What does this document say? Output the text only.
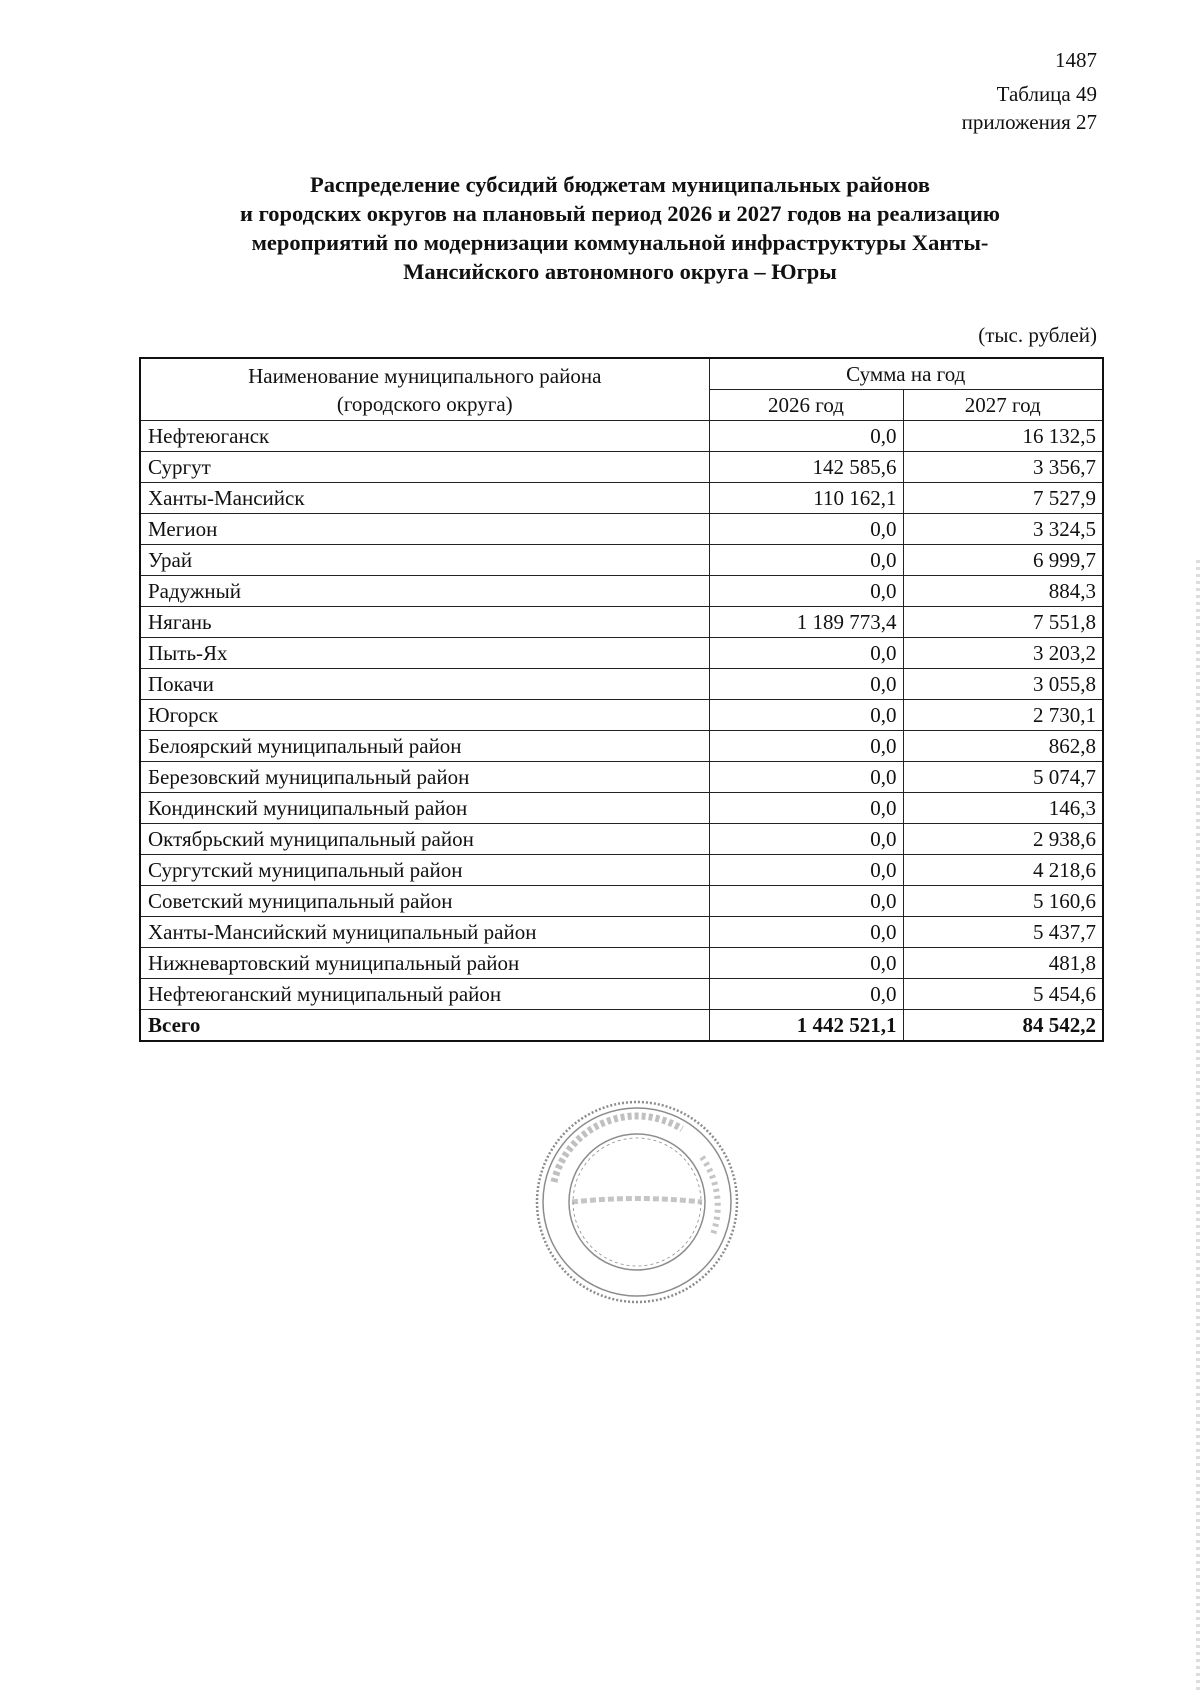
1487
Таблица 49
приложения 27
Распределение субсидий бюджетам муниципальных районов
и городских округов на плановый период 2026 и 2027 годов на реализацию
мероприятий по модернизации коммунальной инфраструктуры Ханты-
Мансийского автономного округа – Югры
(тыс. рублей)
Наименование муниципального района
(городского округа)	Сумма на год	
	2026 год	2027 год
Нефтеюганск	0,0	16 132,5
Сургут	142 585,6	3 356,7
Ханты-Мансийск	110 162,1	7 527,9
Мегион	0,0	3 324,5
Урай	0,0	6 999,7
Радужный	0,0	884,3
Нягань	1 189 773,4	7 551,8
Пыть-Ях	0,0	3 203,2
Покачи	0,0	3 055,8
Югорск	0,0	2 730,1
Белоярский муниципальный район	0,0	862,8
Березовский муниципальный район	0,0	5 074,7
Кондинский муниципальный район	0,0	146,3
Октябрьский муниципальный район	0,0	2 938,6
Сургутский муниципальный район	0,0	4 218,6
Советский муниципальный район	0,0	5 160,6
Ханты-Мансийский муниципальный район	0,0	5 437,7
Нижневартовский муниципальный район	0,0	481,8
Нефтеюганский муниципальный район	0,0	5 454,6
Всего	1 442 521,1	84 542,2
